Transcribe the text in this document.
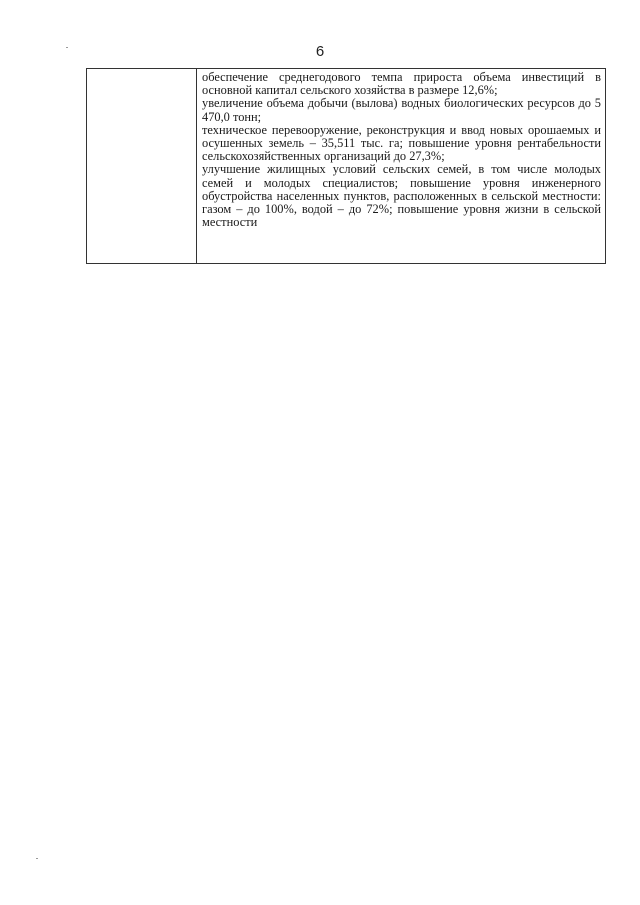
6

обеспечение среднегодового темпа прироста объема инвестиций в основной капитал сельского хозяйства в размере 12,6%;

увеличение объема добычи (вылова) водных биологических ресурсов до 5 470,0 тонн;

техническое перевооружение, реконструкция и ввод новых орошаемых и осушенных земель – 35,511 тыс. га; повышение уровня рентабельности сельскохозяйственных организаций до 27,3%;

улучшение жилищных условий сельских семей, в том числе молодых семей и молодых специалистов; повышение уровня инженерного обустройства населенных пунктов, расположенных в сельской местности: газом – до 100%, водой – до 72%; повышение уровня жизни в сельской местности
